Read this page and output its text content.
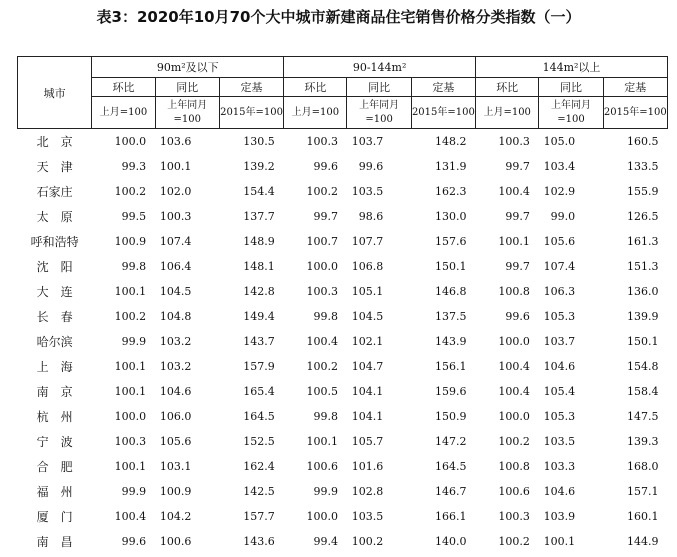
表3：2020年10月70个大中城市新建商品住宅销售价格分类指数（一）
城市	90m²及以下			90-144m²			144m²以上		
	环比	同比	定基	环比	同比	定基	环比	同比	定基
	上月=100	上年同月=100	2015年=100	上月=100	上年同月=100	2015年=100	上月=100	上年同月=100	2015年=100
北　京	100.0	103.6	130.5	100.3	103.7	148.2	100.3	105.0	160.5
天　津	99.3	100.1	139.2	99.6	99.6	131.9	99.7	103.4	133.5
石家庄	100.2	102.0	154.4	100.2	103.5	162.3	100.4	102.9	155.9
太　原	99.5	100.3	137.7	99.7	98.6	130.0	99.7	99.0	126.5
呼和浩特	100.9	107.4	148.9	100.7	107.7	157.6	100.1	105.6	161.3
沈　阳	99.8	106.4	148.1	100.0	106.8	150.1	99.7	107.4	151.3
大　连	100.1	104.5	142.8	100.3	105.1	146.8	100.8	106.3	136.0
长　春	100.2	104.8	149.4	99.8	104.5	137.5	99.6	105.3	139.9
哈尔滨	99.9	103.2	143.7	100.4	102.1	143.9	100.0	103.7	150.1
上　海	100.1	103.2	157.9	100.2	104.7	156.1	100.4	104.6	154.8
南　京	100.1	104.6	165.4	100.5	104.1	159.6	100.4	105.4	158.4
杭　州	100.0	106.0	164.5	99.8	104.1	150.9	100.0	105.3	147.5
宁　波	100.3	105.6	152.5	100.1	105.7	147.2	100.2	103.5	139.3
合　肥	100.1	103.1	162.4	100.6	101.6	164.5	100.8	103.3	168.0
福　州	99.9	100.9	142.5	99.9	102.8	146.7	100.6	104.6	157.1
厦　门	100.4	104.2	157.7	100.0	103.5	166.1	100.3	103.9	160.1
南　昌	99.6	100.6	143.6	99.4	100.2	140.0	100.2	100.1	144.9
